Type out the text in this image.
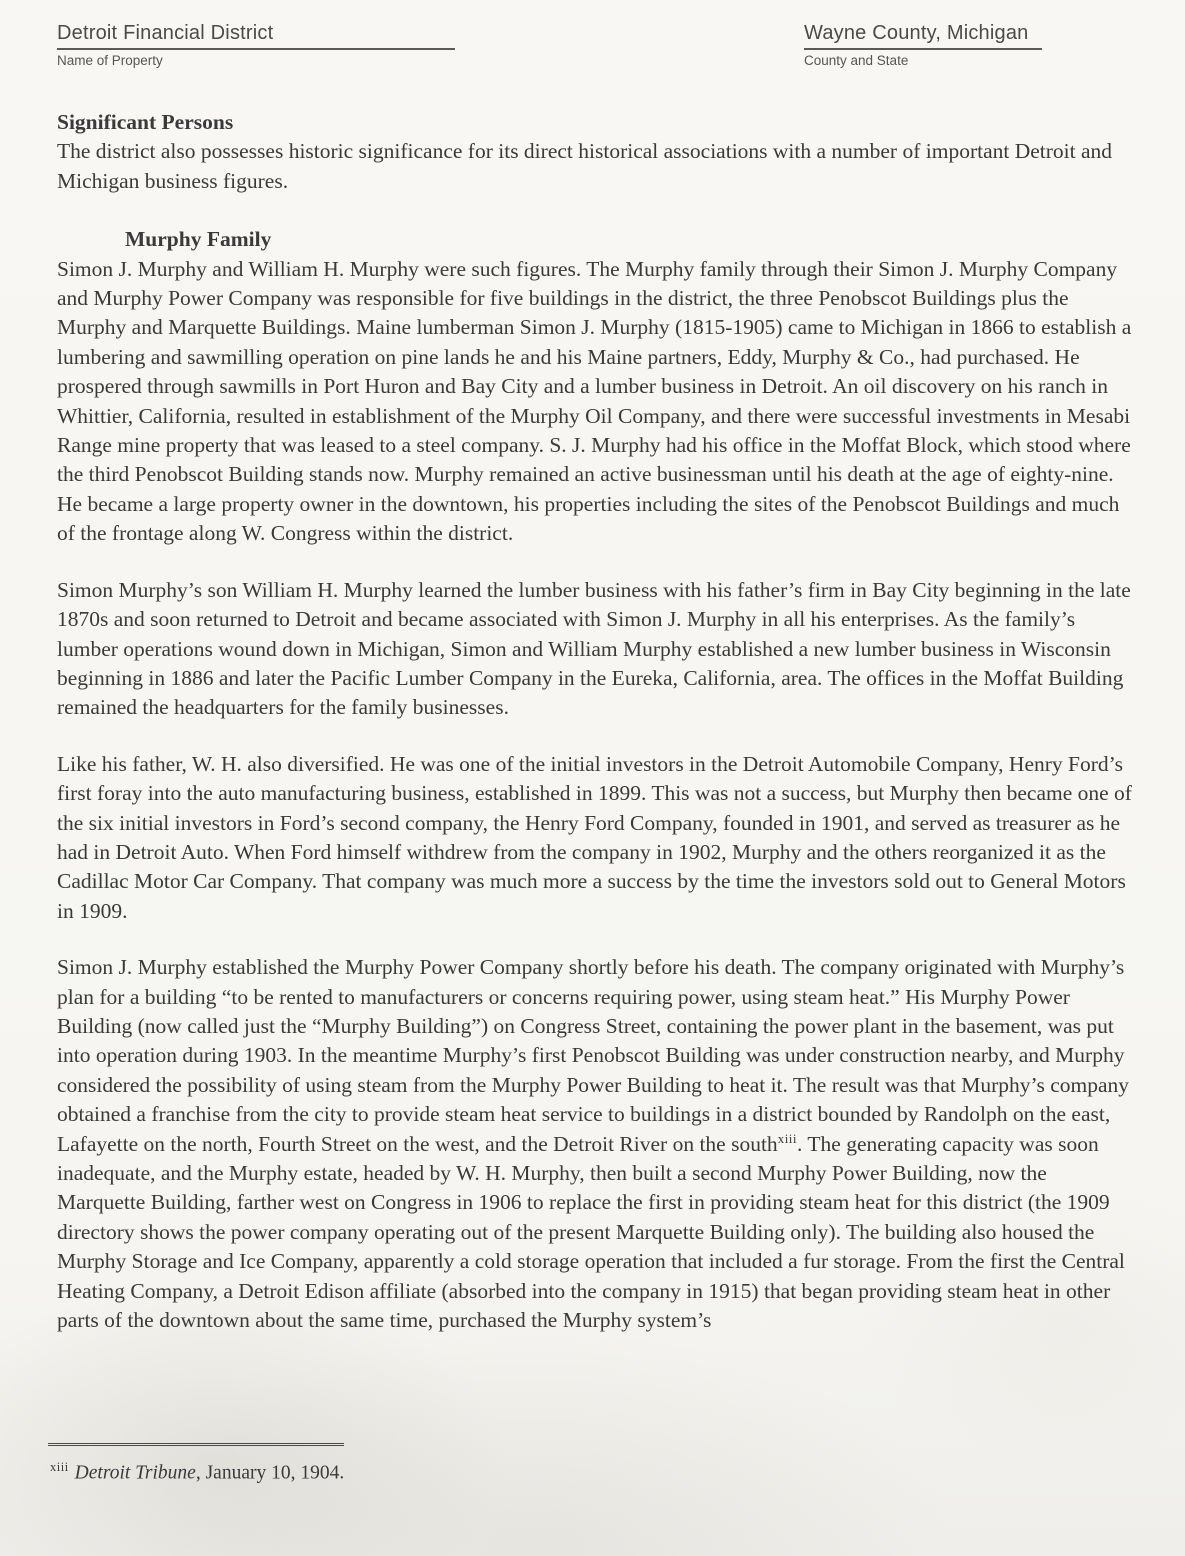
Detroit Financial District
Name of Property
Wayne County, Michigan
County and State
Significant Persons

The district also possesses historic significance for its direct historical associations with a number of important Detroit and Michigan business figures.

Murphy Family

Simon J. Murphy and William H. Murphy were such figures. The Murphy family through their Simon J. Murphy Company and Murphy Power Company was responsible for five buildings in the district, the three Penobscot Buildings plus the Murphy and Marquette Buildings. Maine lumberman Simon J. Murphy (1815-1905) came to Michigan in 1866 to establish a lumbering and sawmilling operation on pine lands he and his Maine partners, Eddy, Murphy & Co., had purchased. He prospered through sawmills in Port Huron and Bay City and a lumber business in Detroit. An oil discovery on his ranch in Whittier, California, resulted in establishment of the Murphy Oil Company, and there were successful investments in Mesabi Range mine property that was leased to a steel company. S. J. Murphy had his office in the Moffat Block, which stood where the third Penobscot Building stands now. Murphy remained an active businessman until his death at the age of eighty-nine. He became a large property owner in the downtown, his properties including the sites of the Penobscot Buildings and much of the frontage along W. Congress within the district.

Simon Murphy’s son William H. Murphy learned the lumber business with his father’s firm in Bay City beginning in the late 1870s and soon returned to Detroit and became associated with Simon J. Murphy in all his enterprises. As the family’s lumber operations wound down in Michigan, Simon and William Murphy established a new lumber business in Wisconsin beginning in 1886 and later the Pacific Lumber Company in the Eureka, California, area. The offices in the Moffat Building remained the headquarters for the family businesses.

Like his father, W. H. also diversified. He was one of the initial investors in the Detroit Automobile Company, Henry Ford’s first foray into the auto manufacturing business, established in 1899. This was not a success, but Murphy then became one of the six initial investors in Ford’s second company, the Henry Ford Company, founded in 1901, and served as treasurer as he had in Detroit Auto. When Ford himself withdrew from the company in 1902, Murphy and the others reorganized it as the Cadillac Motor Car Company. That company was much more a success by the time the investors sold out to General Motors in 1909.

Simon J. Murphy established the Murphy Power Company shortly before his death. The company originated with Murphy’s plan for a building “to be rented to manufacturers or concerns requiring power, using steam heat.” His Murphy Power Building (now called just the “Murphy Building”) on Congress Street, containing the power plant in the basement, was put into operation during 1903. In the meantime Murphy’s first Penobscot Building was under construction nearby, and Murphy considered the possibility of using steam from the Murphy Power Building to heat it. The result was that Murphy’s company obtained a franchise from the city to provide steam heat service to buildings in a district bounded by Randolph on the east, Lafayette on the north, Fourth Street on the west, and the Detroit River on the south$^{xiii}$. The generating capacity was soon inadequate, and the Murphy estate, headed by W. H. Murphy, then built a second Murphy Power Building, now the Marquette Building, farther west on Congress in 1906 to replace the first in providing steam heat for this district (the 1909 directory shows the power company operating out of the present Marquette Building only). The building also housed the Murphy Storage and Ice Company, apparently a cold storage operation that included a fur storage. From the first the Central Heating Company, a Detroit Edison affiliate (absorbed into the company in 1915) that began providing steam heat in other parts of the downtown about the same time, purchased the Murphy system’s

$^{xiii}$ Detroit Tribune, January 10, 1904.
